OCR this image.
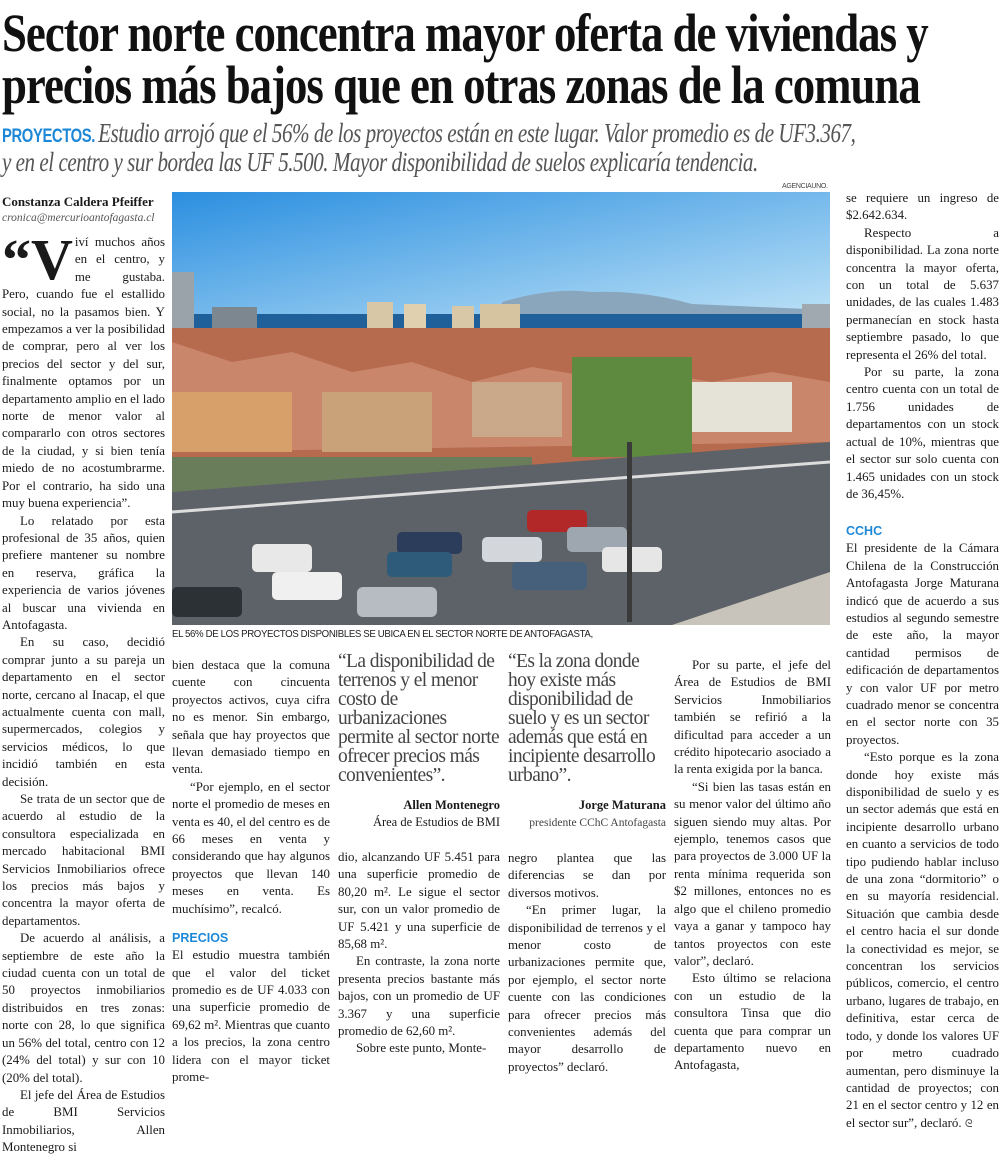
Sector norte concentra mayor oferta de viviendas y
precios más bajos que en otras zonas de la comuna
PROYECTOS. Estudio arrojó que el 56% de los proyectos están en este lugar. Valor promedio es de UF3.367,
y en el centro y sur bordea las UF 5.500. Mayor disponibilidad de suelos explicaría tendencia.
Constanza Caldera Pfeiffer
cronica@mercurioantofagasta.cl

“V iví muchos años en el centro, y me gustaba. Pero, cuando fue el estallido social, no la pasamos bien. Y empezamos a ver la posibilidad de comprar, pero al ver los precios del sector y del sur, finalmente optamos por un departamento amplio en el lado norte de menor valor al compararlo con otros sectores de la ciudad, y si bien tenía miedo de no acostumbrarme. Por el contrario, ha sido una muy buena experiencia”.

Lo relatado por esta profesional de 35 años, quien prefiere mantener su nombre en reserva, gráfica la experiencia de varios jóvenes al buscar una vivienda en Antofagasta.

En su caso, decidió comprar junto a su pareja un departamento en el sector norte, cercano al Inacap, el que actualmente cuenta con mall, supermercados, colegios y servicios médicos, lo que incidió también en esta decisión.

Se trata de un sector que de acuerdo al estudio de la consultora especializada en mercado habitacional BMI Servicios Inmobiliarios ofrece los precios más bajos y concentra la mayor oferta de departamentos.

De acuerdo al análisis, a septiembre de este año la ciudad cuenta con un total de 50 proyectos inmobiliarios distribuidos en tres zonas: norte con 28, lo que significa un 56% del total, centro con 12 (24% del total) y sur con 10 (20% del total).

El jefe del Área de Estudios de BMI Servicios Inmobiliarios, Allen Montenegro si

AGENCIAUNO.
EL 56% DE LOS PROYECTOS DISPONIBLES SE UBICA EN EL SECTOR NORTE DE ANTOFAGASTA,

bien destaca que la comuna cuente con cincuenta proyectos activos, cuya cifra no es menor. Sin embargo, señala que hay proyectos que llevan demasiado tiempo en venta.

“Por ejemplo, en el sector norte el promedio de meses en venta es 40, el del centro es de 66 meses en venta y considerando que hay algunos proyectos que llevan 140 meses en venta. Es muchísimo”, recalcó.

PRECIOS

El estudio muestra también que el valor del ticket promedio es de UF 4.033 con una superficie promedio de 69,62 m². Mientras que cuanto a los precios, la zona centro lidera con el mayor ticket prome-

“La disponibilidad de terrenos y el menor costo de urbanizaciones permite al sector norte ofrecer precios más convenientes”.
Allen Montenegro
Área de Estudios de BMI

dio, alcanzando UF 5.451 para una superficie promedio de 80,20 m². Le sigue el sector sur, con un valor promedio de UF 5.421 y una superficie de 85,68 m².

En contraste, la zona norte presenta precios bastante más bajos, con un promedio de UF 3.367 y una superficie promedio de 62,60 m².

Sobre este punto, Monte-

“Es la zona donde hoy existe más disponibilidad de suelo y es un sector además que está en incipiente desarrollo urbano”.
Jorge Maturana
presidente CChC Antofagasta

negro plantea que las diferencias se dan por diversos motivos.

“En primer lugar, la disponibilidad de terrenos y el menor costo de urbanizaciones permite que, por ejemplo, el sector norte cuente con las condiciones para ofrecer precios más convenientes además del mayor desarrollo de proyectos” declaró.

Por su parte, el jefe del Área de Estudios de BMI Servicios Inmobiliarios también se refirió a la dificultad para acceder a un crédito hipotecario asociado a la renta exigida por la banca.

“Si bien las tasas están en su menor valor del último año siguen siendo muy altas. Por ejemplo, tenemos casos que para proyectos de 3.000 UF la renta mínima requerida son $2 millones, entonces no es algo que el chileno promedio vaya a ganar y tampoco hay tantos proyectos con este valor”, declaró.

Esto último se relaciona con un estudio de la consultora Tinsa que dio cuenta que para comprar un departamento nuevo en Antofagasta,

se requiere un ingreso de $2.642.634.

Respecto a disponibilidad. La zona norte concentra la mayor oferta, con un total de 5.637 unidades, de las cuales 1.483 permanecían en stock hasta septiembre pasado, lo que representa el 26% del total.

Por su parte, la zona centro cuenta con un total de 1.756 unidades de departamentos con un stock actual de 10%, mientras que el sector sur solo cuenta con 1.465 unidades con un stock de 36,45%.

CCHC

El presidente de la Cámara Chilena de la Construcción Antofagasta Jorge Maturana indicó que de acuerdo a sus estudios al segundo semestre de este año, la mayor cantidad permisos de edificación de departamentos y con valor UF por metro cuadrado menor se concentra en el sector norte con 35 proyectos.

“Esto porque es la zona donde hoy existe más disponibilidad de suelo y es un sector además que está en incipiente desarrollo urbano en cuanto a servicios de todo tipo pudiendo hablar incluso de una zona “dormitorio” o en su mayoría residencial. Situación que cambia desde el centro hacia el sur donde la conectividad es mejor, se concentran los servicios públicos, comercio, el centro urbano, lugares de trabajo, en definitiva, estar cerca de todo, y donde los valores UF por metro cuadrado aumentan, pero disminuye la cantidad de proyectos; con 21 en el sector centro y 12 en el sector sur”, declaró. ᘓ
